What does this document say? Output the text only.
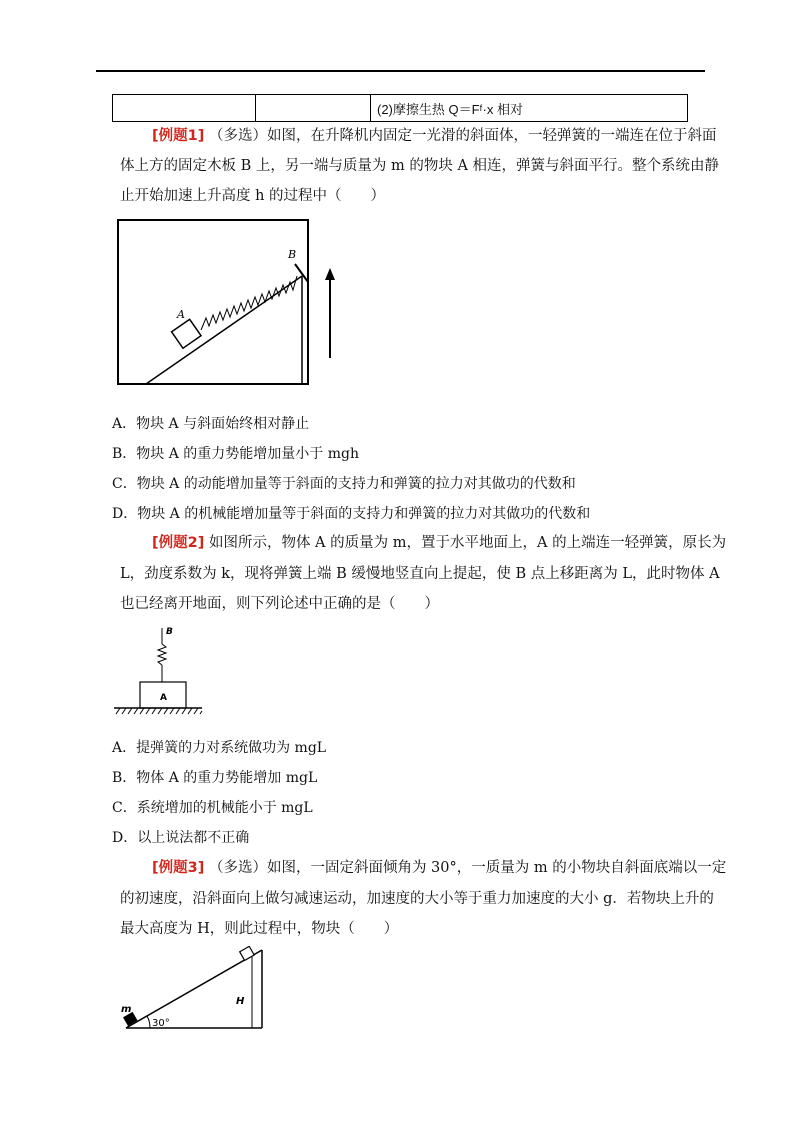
		(2)摩擦生热 Q＝Fᶠ·x 相对
[例题1] （多选）如图，在升降机内固定一光滑的斜面体，一轻弹簧的一端连在位于斜面
体上方的固定木板 B 上，另一端与质量为 m 的物块 A 相连，弹簧与斜面平行。整个系统由静
止开始加速上升高度 h 的过程中（　　）
A
B
A．物块 A 与斜面始终相对静止
B．物块 A 的重力势能增加量小于 mgh
C．物块 A 的动能增加量等于斜面的支持力和弹簧的拉力对其做功的代数和
D．物块 A 的机械能增加量等于斜面的支持力和弹簧的拉力对其做功的代数和
[例题2] 如图所示，物体 A 的质量为 m，置于水平地面上，A 的上端连一轻弹簧，原长为
L，劲度系数为 k，现将弹簧上端 B 缓慢地竖直向上提起，使 B 点上移距离为 L，此时物体 A
也已经离开地面，则下列论述中正确的是（　　）
A
B
A．提弹簧的力对系统做功为 mgL
B．物体 A 的重力势能增加 mgL
C．系统增加的机械能小于 mgL
D．以上说法都不正确
[例题3] （多选）如图，一固定斜面倾角为 30°，一质量为 m 的小物块自斜面底端以一定
的初速度，沿斜面向上做匀减速运动，加速度的大小等于重力加速度的大小 g．若物块上升的
最大高度为 H，则此过程中，物块（　　）
m
30°
H
